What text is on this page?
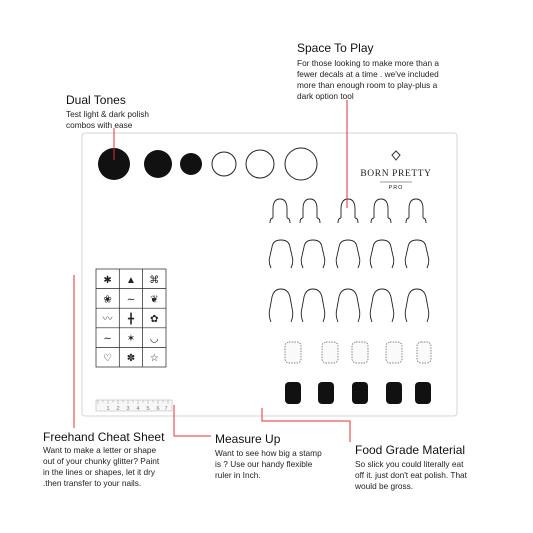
BORN PRETTY
PRO
✱ ▲ ⌘
❀ ∼ ❦
〰 ╋ ✿
∼ ✶ ◡
♡ ✽ ☆
1 2 3 4 5 6 7
Dual Tones
Test light & dark polish
combos with ease
Space To Play
For those looking to make more than a
fewer decals at a time . we've included
more than enough room to play-plus a
dark option tool
Freehand Cheat Sheet
Want to make a letter or shape
out of your chunky glitter? Paint
in the lines or shapes, let it dry
.then transfer to your nails.
Measure Up
Want to see how big a stamp
is ? Use our handy flexible
ruler in Inch.
Food Grade Material
So slick you could literally eat
off it. just don't eat polish. That
would be gross.
